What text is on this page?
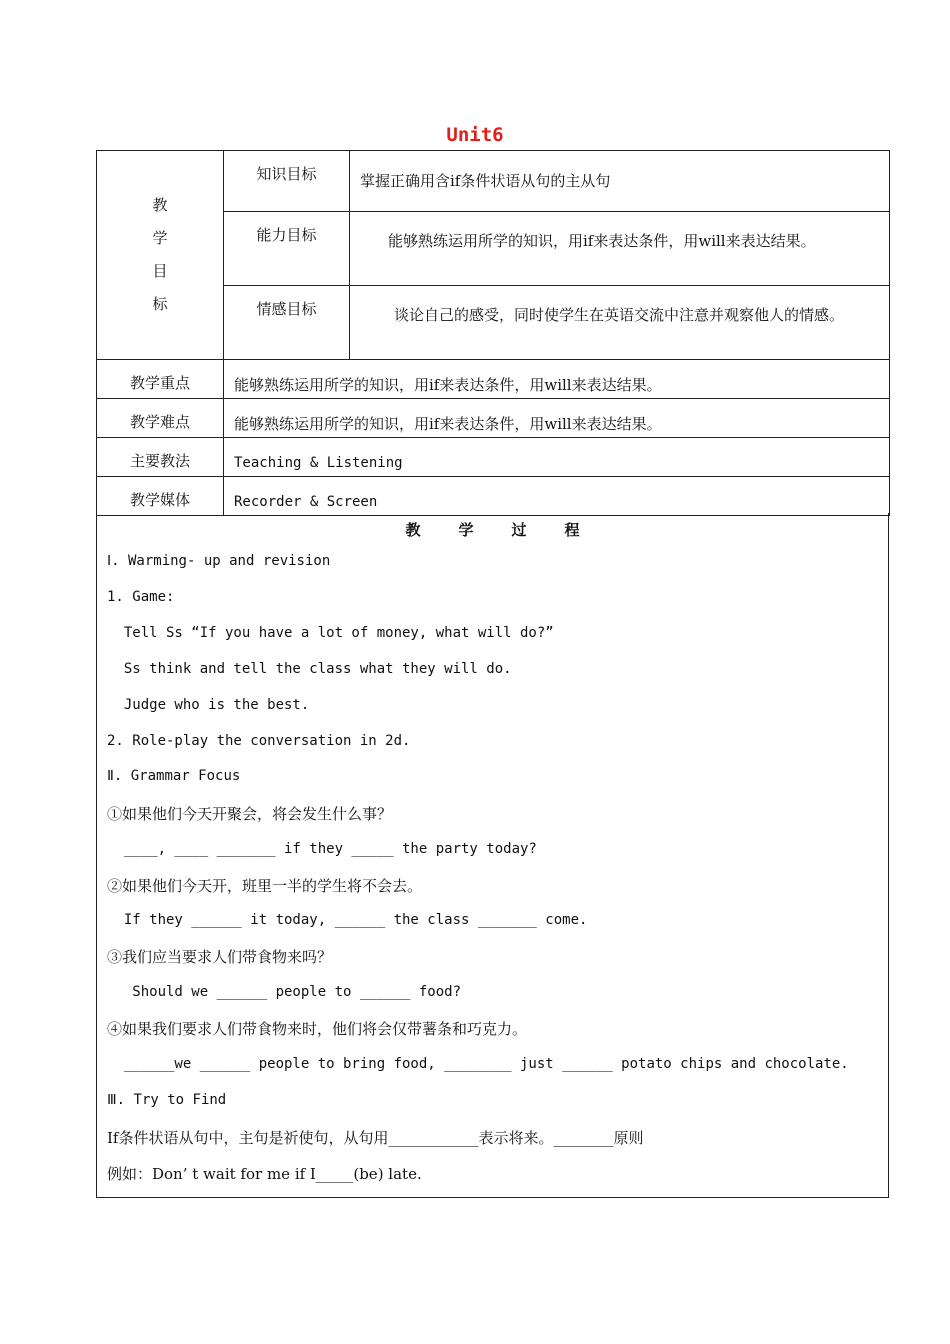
Unit6
教
学
目
标	知识目标	掌握正确用含if条件状语从句的主从句
	能力目标	能够熟练运用所学的知识，用if来表达条件，用will来表达结果。
	情感目标	谈论自己的感受，同时使学生在英语交流中注意并观察他人的情感。
教学重点	能够熟练运用所学的知识，用if来表达条件，用will来表达结果。	
教学难点	能够熟练运用所学的知识，用if来表达条件，用will来表达结果。	
主要教法	Teaching & Listening	
教学媒体	Recorder & Screen	
教学过程
Ⅰ. Warming- up and revision
1. Game:
Tell Ss “If you have a lot of money, what will do?”
Ss think and tell the class what they will do.
Judge who is the best.
2. Role-play the conversation in 2d.
Ⅱ. Grammar Focus
①如果他们今天开聚会，将会发生什么事？
____, ____ _______ if they _____ the party today?
②如果他们今天开，班里一半的学生将不会去。
If they ______ it today, ______ the class _______ come.
③我们应当要求人们带食物来吗？
Should we ______ people to ______ food?
④如果我们要求人们带食物来时，他们将会仅带薯条和巧克力。
______we ______ people to bring food, ________ just ______ potato chips and chocolate.
Ⅲ. Try to Find
If条件状语从句中，主句是祈使句，从句用____________表示将来。________原则
例如：Don’ t wait for me if I_____(be) late.
